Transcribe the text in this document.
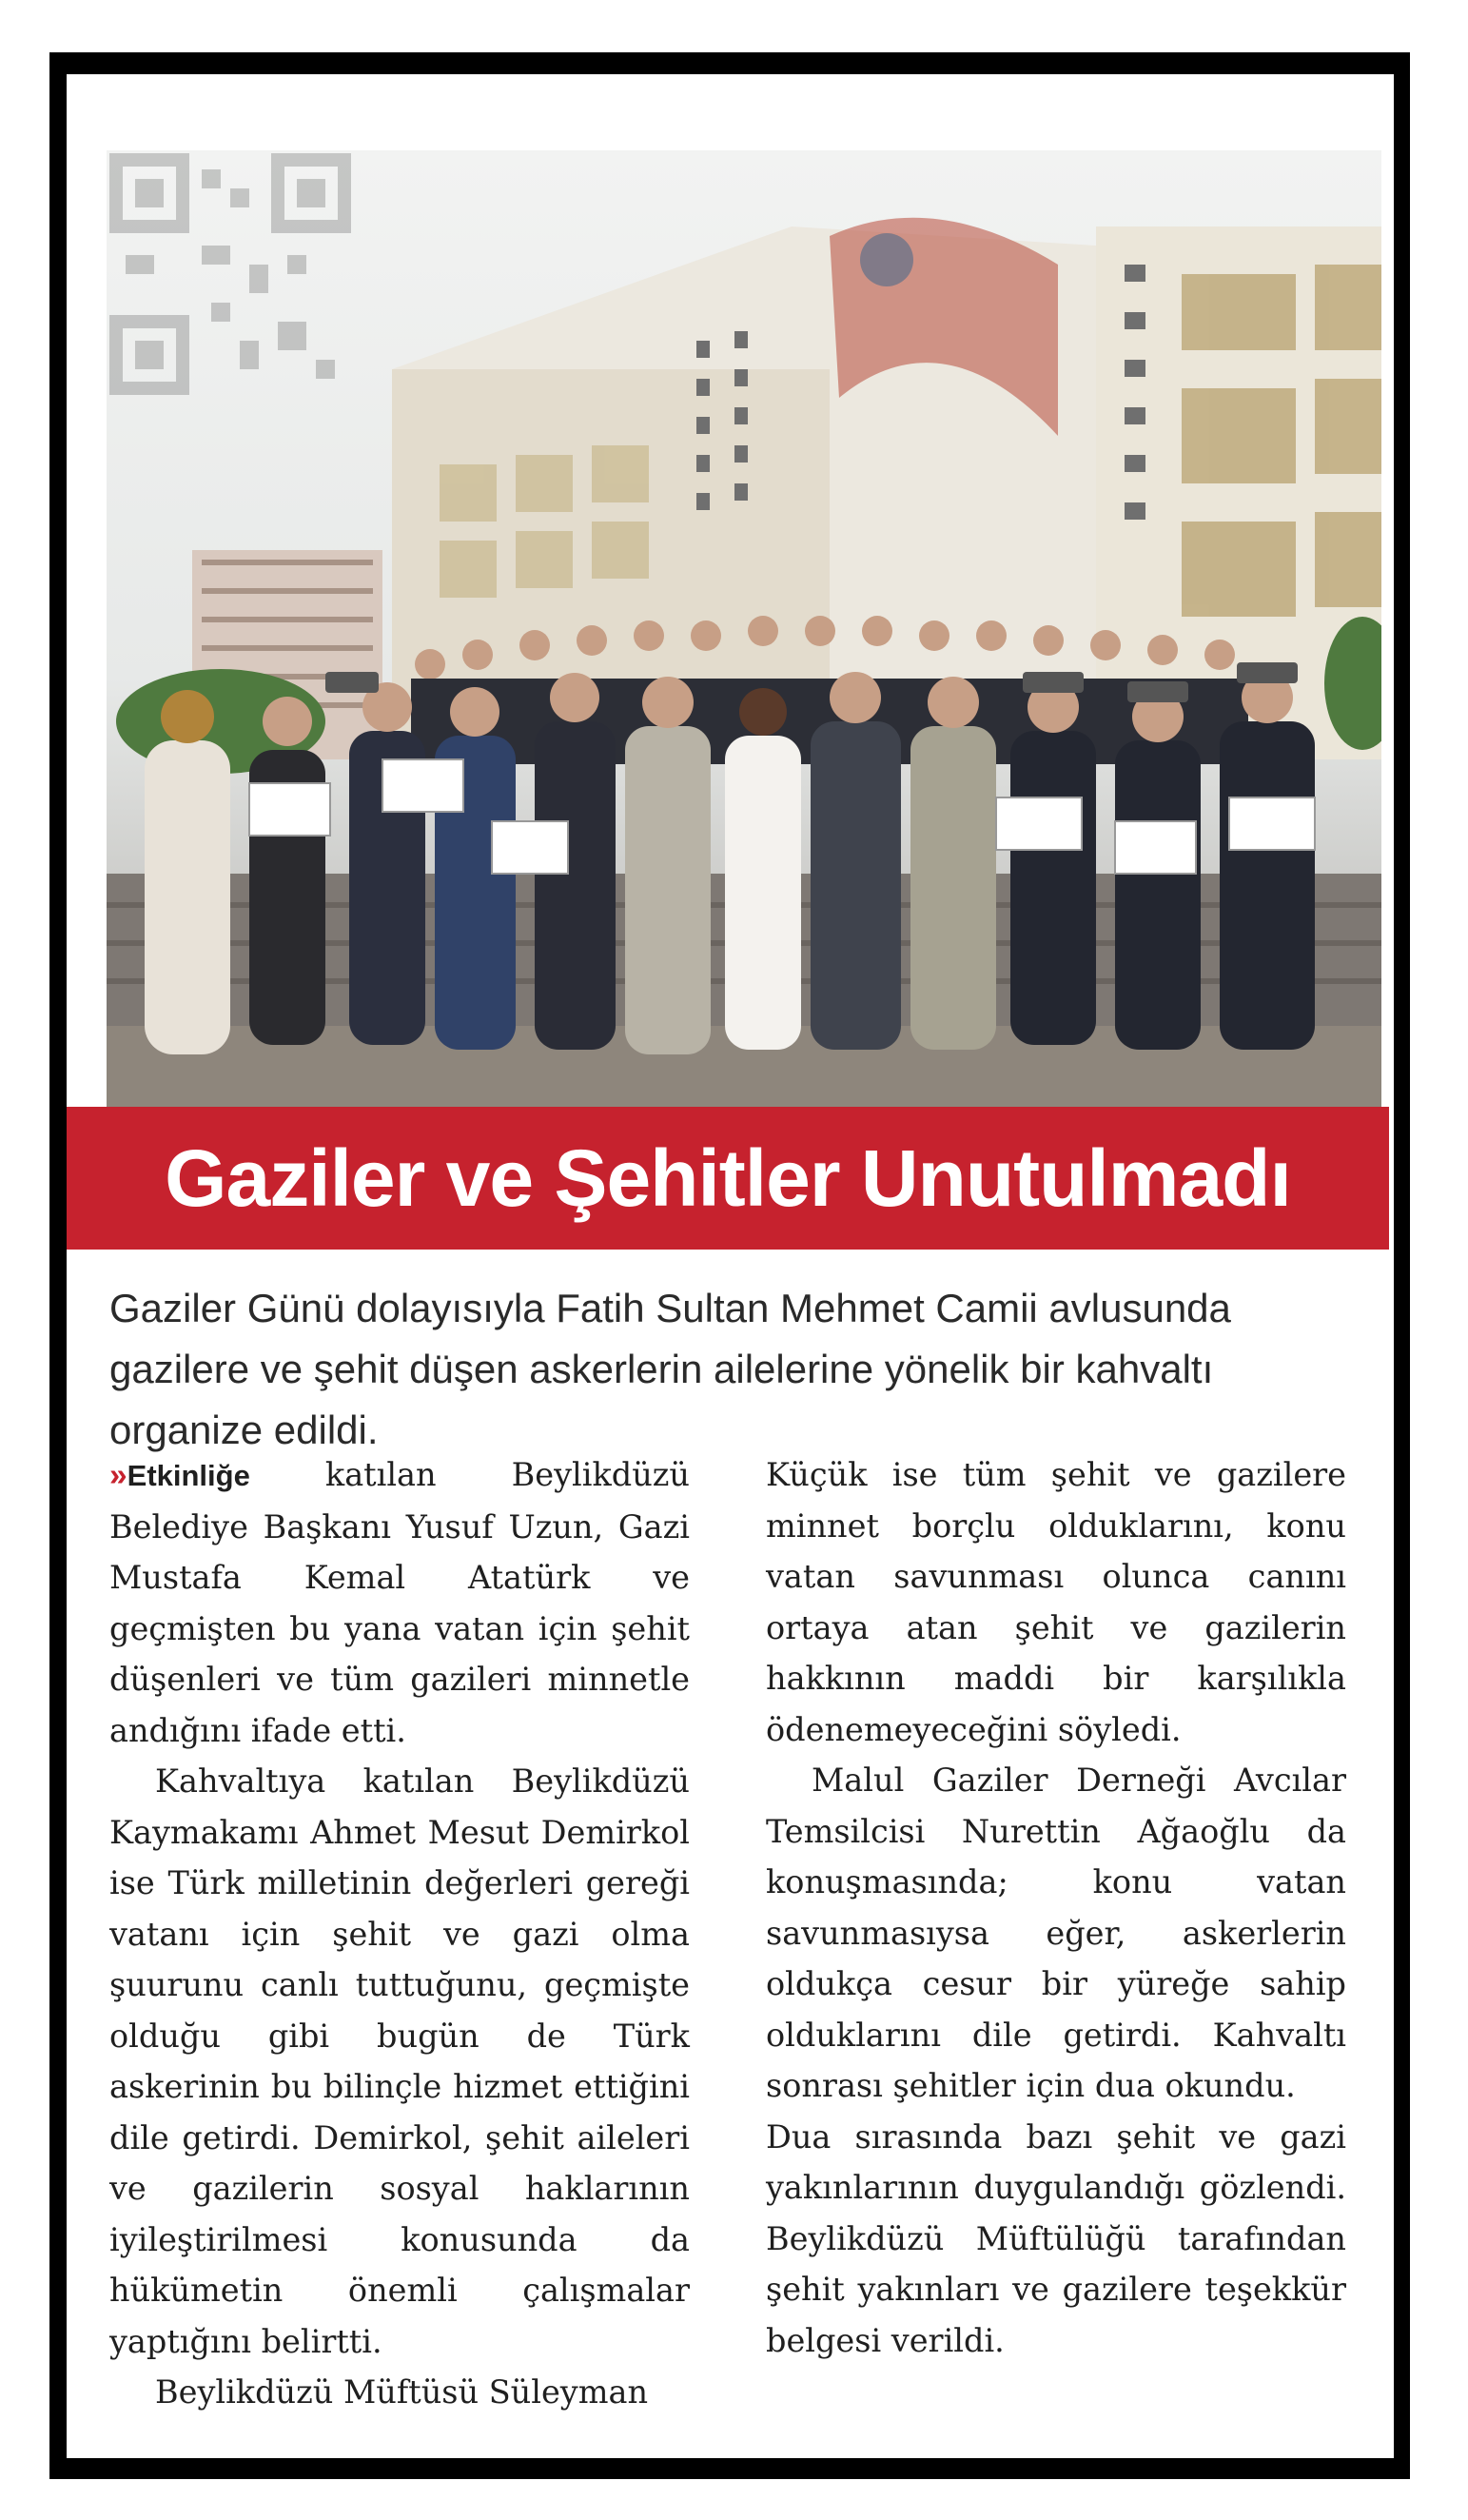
Gaziler ve Şehitler Unutulmadı

Gaziler Günü dolayısıyla Fatih Sultan Mehmet Camii avlusunda gazilere ve şehit düşen askerlerin ailelerine yönelik bir kahvaltı organize edildi.

»Etkinliğe katılan Beylikdüzü Belediye Başkanı Yusuf Uzun, Gazi Mustafa Kemal Atatürk ve geçmişten bu yana vatan için şehit düşenleri ve tüm gazileri minnetle andığını ifade etti.

Kahvaltıya katılan Beylikdüzü Kaymakamı Ahmet Mesut Demirkol ise Türk milletinin değerleri gereği vatanı için şehit ve gazi olma şuurunu canlı tuttuğunu, geçmişte olduğu gibi bugün de Türk askerinin bu bilinçle hizmet ettiğini dile getirdi. Demirkol, şehit aileleri ve gazilerin sosyal haklarının iyileştirilmesi konusunda da hükümetin önemli çalışmalar yaptığını belirtti.

Beylikdüzü Müftüsü Süleyman

Küçük ise tüm şehit ve gazilere minnet borçlu olduklarını, konu vatan savunması olunca canını ortaya atan şehit ve gazilerin hakkının maddi bir karşılıkla ödenemeyeceğini söyledi.

Malul Gaziler Derneği Avcılar Temsilcisi Nurettin Ağaoğlu da konuşmasında; konu vatan savunmasıysa eğer, askerlerin oldukça cesur bir yüreğe sahip olduklarını dile getirdi. Kahvaltı sonrası şehitler için dua okundu.

Dua sırasında bazı şehit ve gazi yakınlarının duygulandığı gözlendi. Beylikdüzü Müftülüğü tarafından şehit yakınları ve gazilere teşekkür belgesi verildi.
